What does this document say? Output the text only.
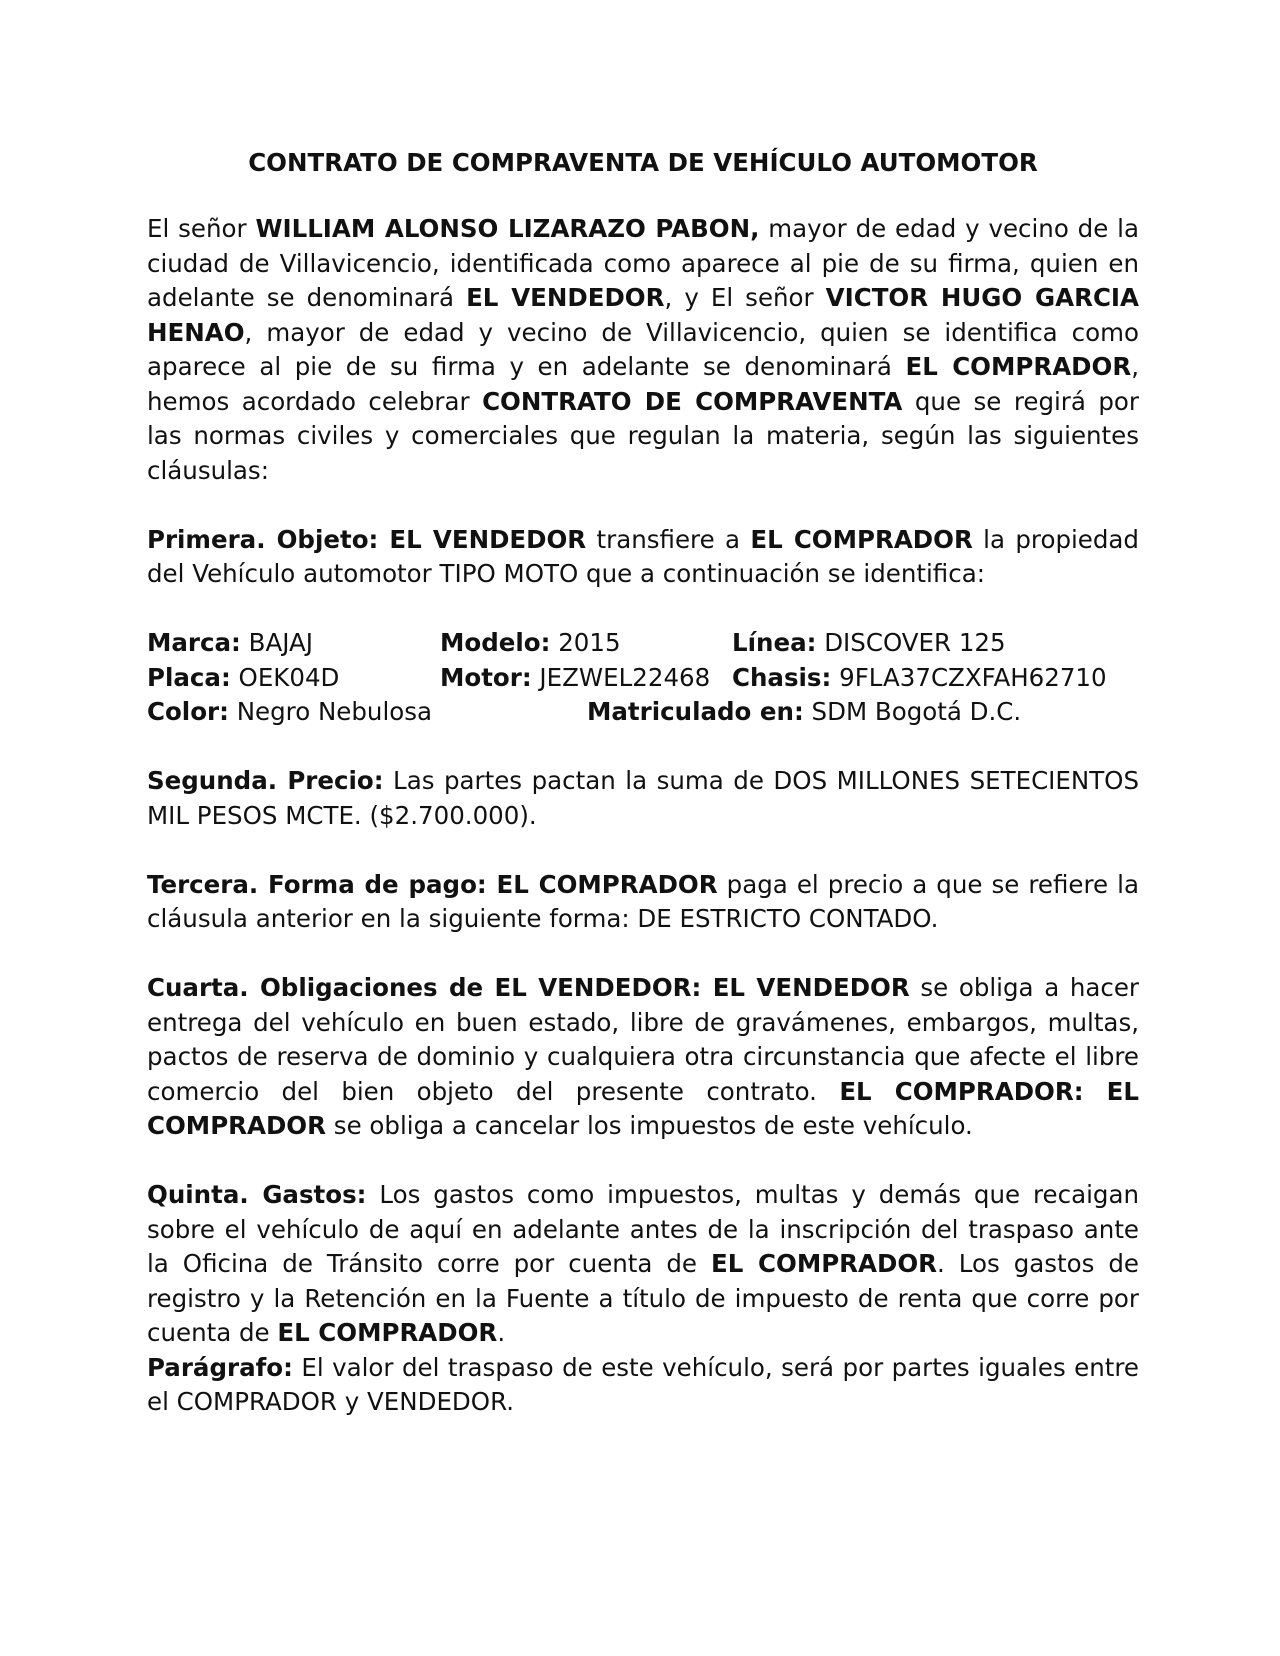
CONTRATO DE COMPRAVENTA DE VEHÍCULO AUTOMOTOR

El señor WILLIAM ALONSO LIZARAZO PABON, mayor de edad y vecino de la ciudad de Villavicencio, identificada como aparece al pie de su firma, quien en adelante se denominará EL VENDEDOR, y El señor VICTOR HUGO GARCIA HENAO, mayor de edad y vecino de Villavicencio, quien se identifica como aparece al pie de su firma y en adelante se denominará EL COMPRADOR, hemos acordado celebrar CONTRATO DE COMPRAVENTA que se regirá por las normas civiles y comerciales que regulan la materia, según las siguientes cláusulas:

Primera. Objeto: EL VENDEDOR transfiere a EL COMPRADOR la propiedad del Vehículo automotor TIPO MOTO que a continuación se identifica:

Marca: BAJAJ	Modelo: 2015	Línea: DISCOVER 125
Placa: OEK04D	Motor: JEZWEL22468 Chasis: 9FLA37CZXFAH62710
Color: Negro Nebulosa	Matriculado en: SDM Bogotá D.C.

Segunda. Precio: Las partes pactan la suma de DOS MILLONES SETECIENTOS MIL PESOS MCTE. ($2.700.000).

Tercera. Forma de pago: EL COMPRADOR paga el precio a que se refiere la cláusula anterior en la siguiente forma: DE ESTRICTO CONTADO.

Cuarta. Obligaciones de EL VENDEDOR: EL VENDEDOR se obliga a hacer entrega del vehículo en buen estado, libre de gravámenes, embargos, multas, pactos de reserva de dominio y cualquiera otra circunstancia que afecte el libre comercio del bien objeto del presente contrato. EL COMPRADOR: EL COMPRADOR se obliga a cancelar los impuestos de este vehículo.

Quinta. Gastos: Los gastos como impuestos, multas y demás que recaigan sobre el vehículo de aquí en adelante antes de la inscripción del traspaso ante la Oficina de Tránsito corre por cuenta de EL COMPRADOR. Los gastos de registro y la Retención en la Fuente a título de impuesto de renta que corre por cuenta de EL COMPRADOR.

Parágrafo: El valor del traspaso de este vehículo, será por partes iguales entre el COMPRADOR y VENDEDOR.
